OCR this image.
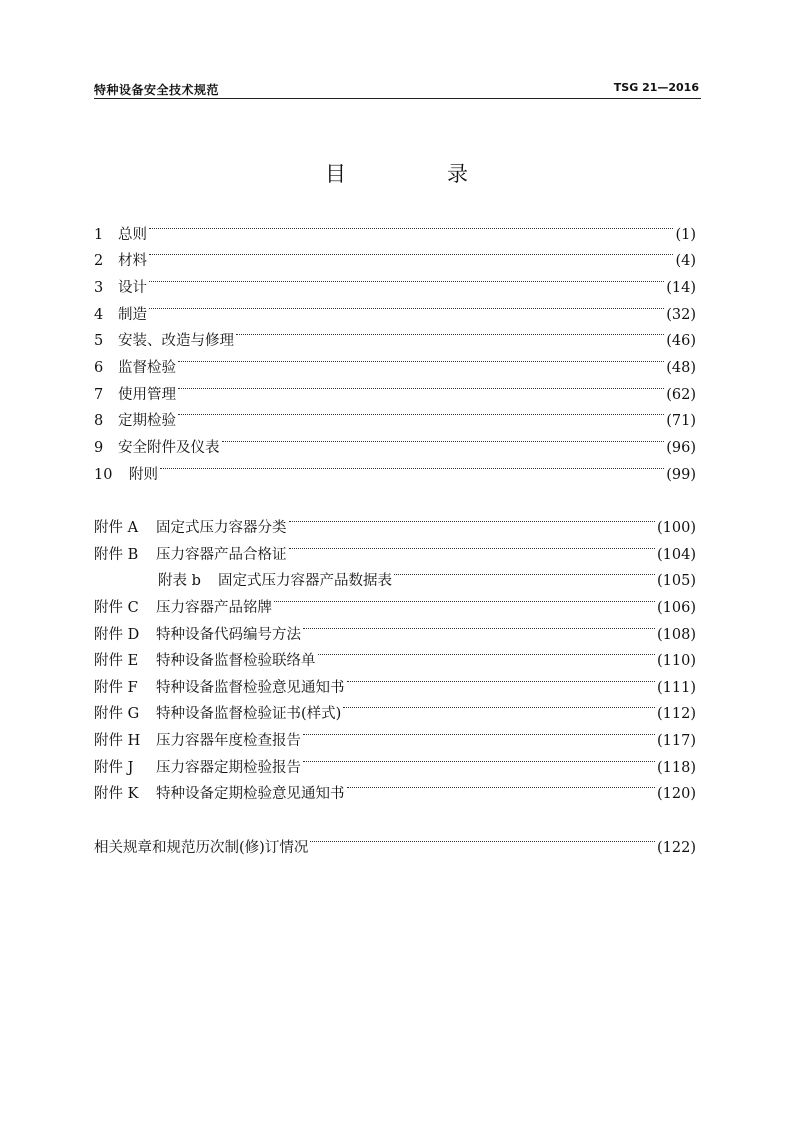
特种设备安全技术规范	TSG 21—2016
目　录
1	总则	(1)
2	材料	(4)
3	设计	(14)
4	制造	(32)
5	安装、改造与修理	(46)
6	监督检验	(48)
7	使用管理	(62)
8	定期检验	(71)
9	安全附件及仪表	(96)
10	附则	(99)
附件 A	固定式压力容器分类	(100)
附件 B	压力容器产品合格证	(104)
附表 b	固定式压力容器产品数据表	(105)
附件 C	压力容器产品铭牌	(106)
附件 D	特种设备代码编号方法	(108)
附件 E	特种设备监督检验联络单	(110)
附件 F	特种设备监督检验意见通知书	(111)
附件 G	特种设备监督检验证书(样式)	(112)
附件 H	压力容器年度检查报告	(117)
附件 J	压力容器定期检验报告	(118)
附件 K	特种设备定期检验意见通知书	(120)
相关规章和规范历次制(修)订情况	(122)
